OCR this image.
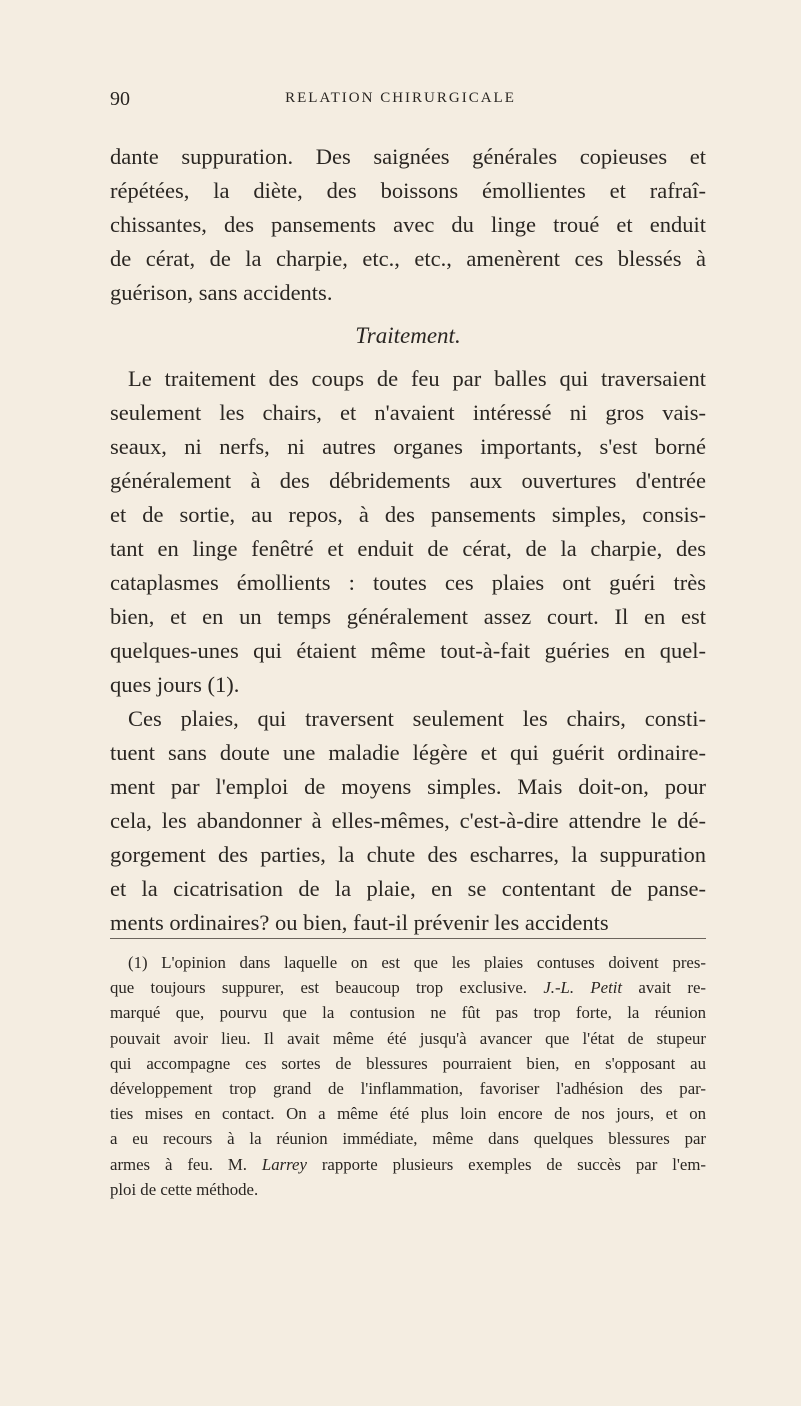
90	RELATION CHIRURGICALE
dante suppuration. Des saignées générales copieuses et
répétées, la diète, des boissons émollientes et rafraî-
chissantes, des pansements avec du linge troué et enduit
de cérat, de la charpie, etc., etc., amenèrent ces blessés à
guérison, sans accidents.
Traitement.
Le traitement des coups de feu par balles qui traversaient
seulement les chairs, et n'avaient intéressé ni gros vais-
seaux, ni nerfs, ni autres organes importants, s'est borné
généralement à des débridements aux ouvertures d'entrée
et de sortie, au repos, à des pansements simples, consis-
tant en linge fenêtré et enduit de cérat, de la charpie, des
cataplasmes émollients : toutes ces plaies ont guéri très
bien, et en un temps généralement assez court. Il en est
quelques-unes qui étaient même tout-à-fait guéries en quel-
ques jours (1).
Ces plaies, qui traversent seulement les chairs, consti-
tuent sans doute une maladie légère et qui guérit ordinaire-
ment par l'emploi de moyens simples. Mais doit-on, pour
cela, les abandonner à elles-mêmes, c'est-à-dire attendre le dé-
gorgement des parties, la chute des escharres, la suppuration
et la cicatrisation de la plaie, en se contentant de panse-
ments ordinaires? ou bien, faut-il prévenir les accidents
(1) L'opinion dans laquelle on est que les plaies contuses doivent pres-
que toujours suppurer, est beaucoup trop exclusive. J.-L. Petit avait re-
marqué que, pourvu que la contusion ne fût pas trop forte, la réunion
pouvait avoir lieu. Il avait même été jusqu'à avancer que l'état de stupeur
qui accompagne ces sortes de blessures pourraient bien, en s'opposant au
développement trop grand de l'inflammation, favoriser l'adhésion des par-
ties mises en contact. On a même été plus loin encore de nos jours, et on
a eu recours à la réunion immédiate, même dans quelques blessures par
armes à feu. M. Larrey rapporte plusieurs exemples de succès par l'em-
ploi de cette méthode.
